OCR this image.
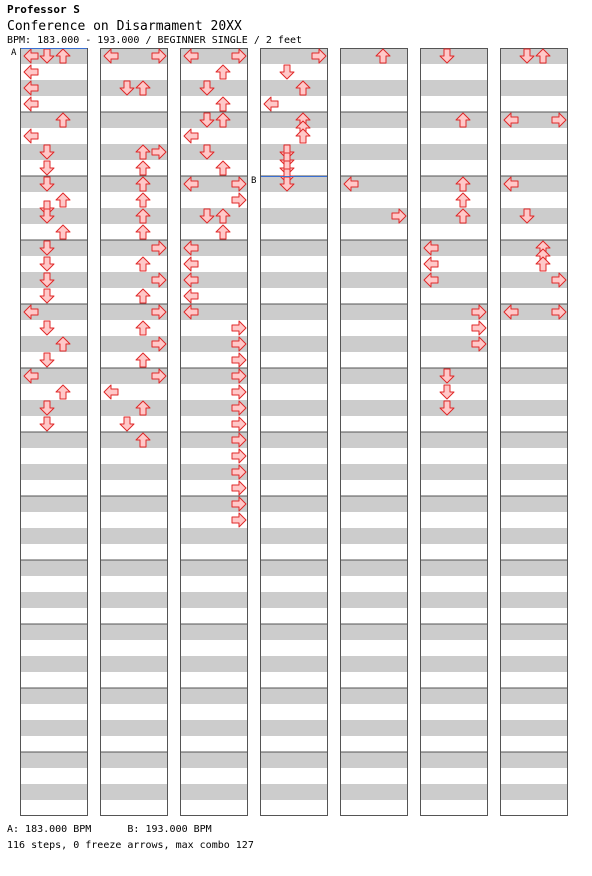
Professor S
Conference on Disarmament 20XX
BPM: 183.000 - 193.000 / BEGINNER SINGLE / 2 feet
A
B
A: 183.000 BPM      B: 193.000 BPM
116 steps, 0 freeze arrows, max combo 127
